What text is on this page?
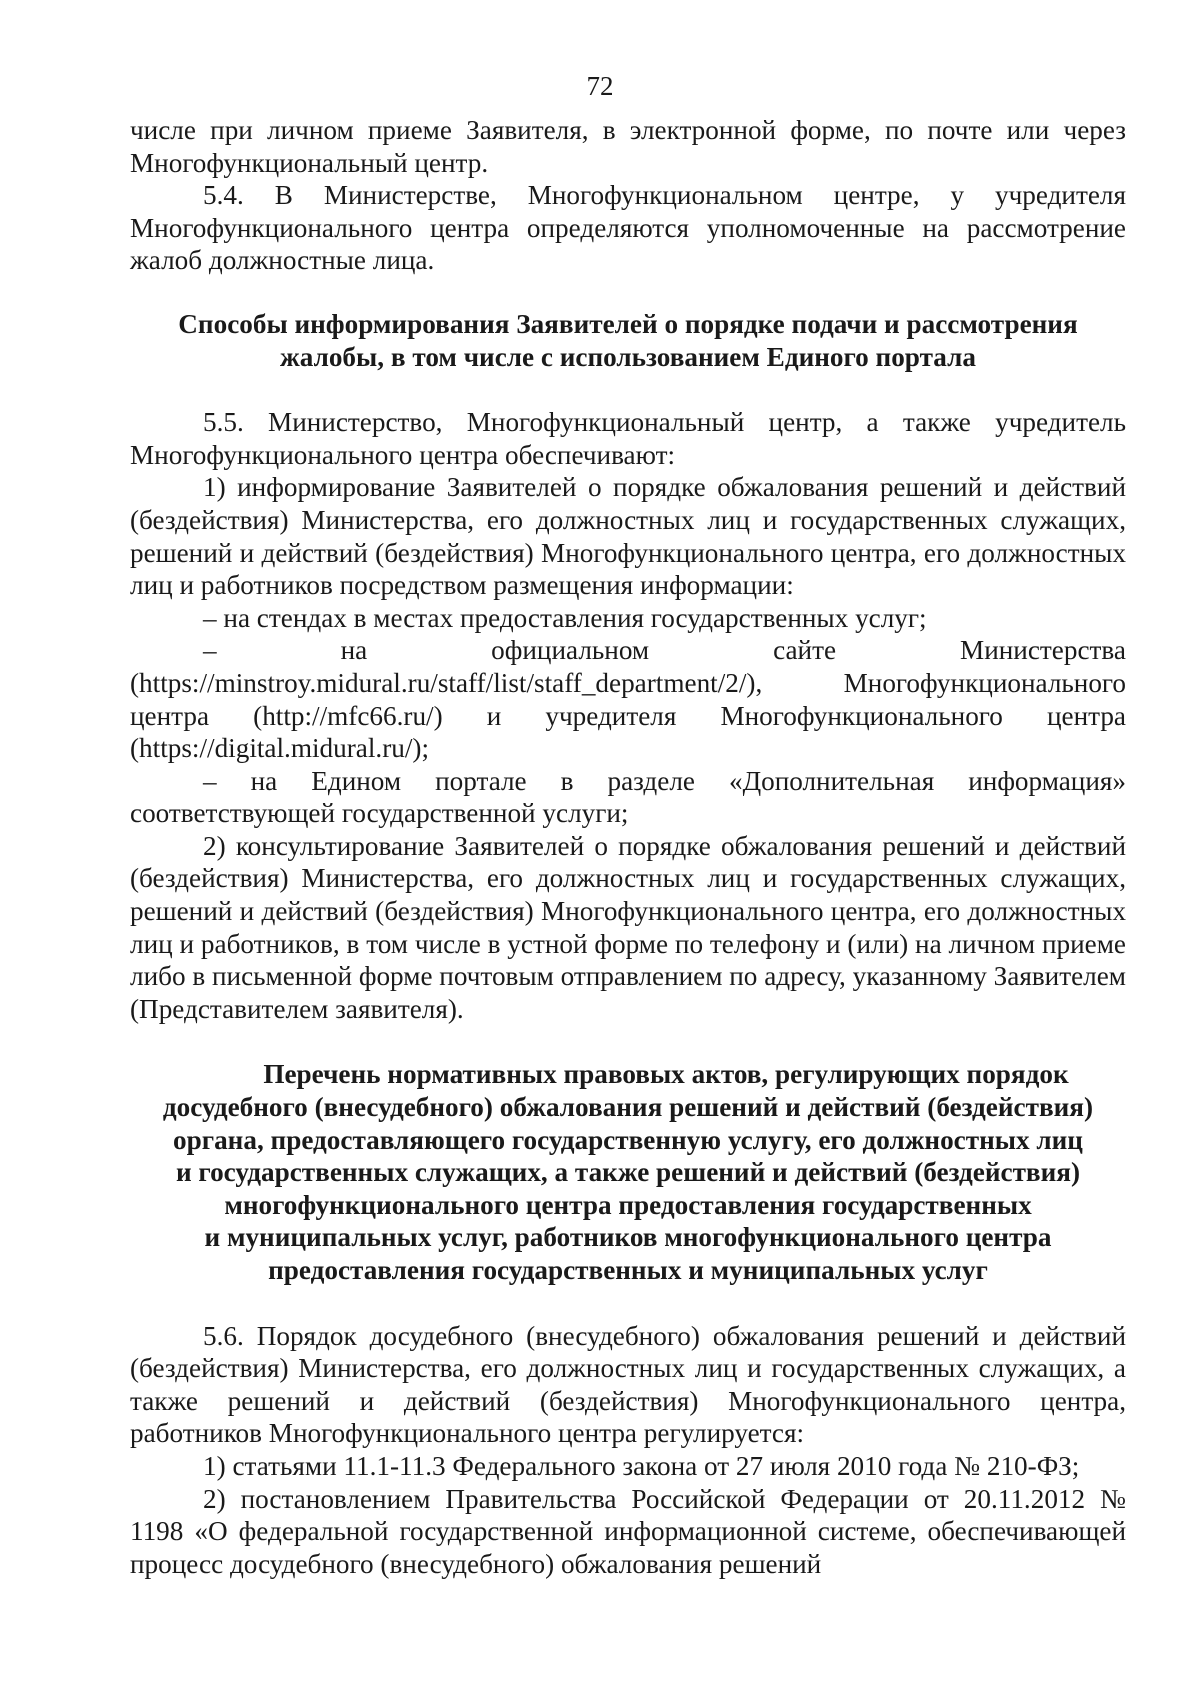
72

числе при личном приеме Заявителя, в электронной форме, по почте или через Многофункциональный центр.

5.4. В Министерстве, Многофункциональном центре, у учредителя Многофункционального центра определяются уполномоченные на рассмотрение жалоб должностные лица.

Способы информирования Заявителей о порядке подачи и рассмотрения
жалобы, в том числе с использованием Единого портала

5.5. Министерство, Многофункциональный центр, а также учредитель Многофункционального центра обеспечивают:

1) информирование Заявителей о порядке обжалования решений и действий (бездействия) Министерства, его должностных лиц и государственных служащих, решений и действий (бездействия) Многофункционального центра, его должностных лиц и работников посредством размещения информации:

– на стендах в местах предоставления государственных услуг;

–	на	официальном	сайте	Министерства

(https://minstroy.midural.ru/staff/list/staff_department/2/), Многофункционального центра (http://mfc66.ru/) и учредителя Многофункционального центра (https://digital.midural.ru/);

– на Едином портале в разделе «Дополнительная информация» соответствующей государственной услуги;

2) консультирование Заявителей о порядке обжалования решений и действий (бездействия) Министерства, его должностных лиц и государственных служащих, решений и действий (бездействия) Многофункционального центра, его должностных лиц и работников, в том числе в устной форме по телефону и (или) на личном приеме либо в письменной форме почтовым отправлением по адресу, указанному Заявителем (Представителем заявителя).

Перечень нормативных правовых актов, регулирующих порядок
досудебного (внесудебного) обжалования решений и действий (бездействия)
органа, предоставляющего государственную услугу, его должностных лиц
и государственных служащих, а также решений и действий (бездействия)
многофункционального центра предоставления государственных
и муниципальных услуг, работников многофункционального центра
предоставления государственных и муниципальных услуг

5.6. Порядок досудебного (внесудебного) обжалования решений и действий (бездействия) Министерства, его должностных лиц и государственных служащих, а также решений и действий (бездействия) Многофункционального центра, работников Многофункционального центра регулируется:

1) статьями 11.1-11.3 Федерального закона от 27 июля 2010 года № 210-ФЗ;

2) постановлением Правительства Российской Федерации от 20.11.2012 № 1198 «О федеральной государственной информационной системе, обеспечивающей процесс досудебного (внесудебного) обжалования решений
